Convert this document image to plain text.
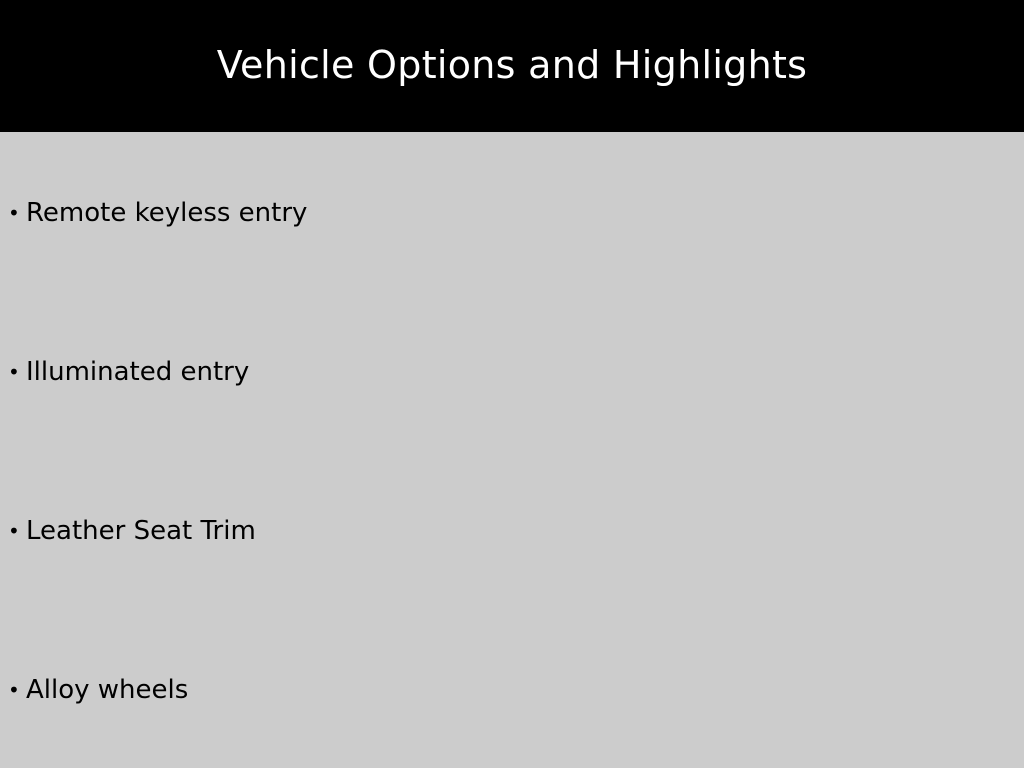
Vehicle Options and Highlights
• Remote keyless entry
• Illuminated entry
• Leather Seat Trim
• Alloy wheels
